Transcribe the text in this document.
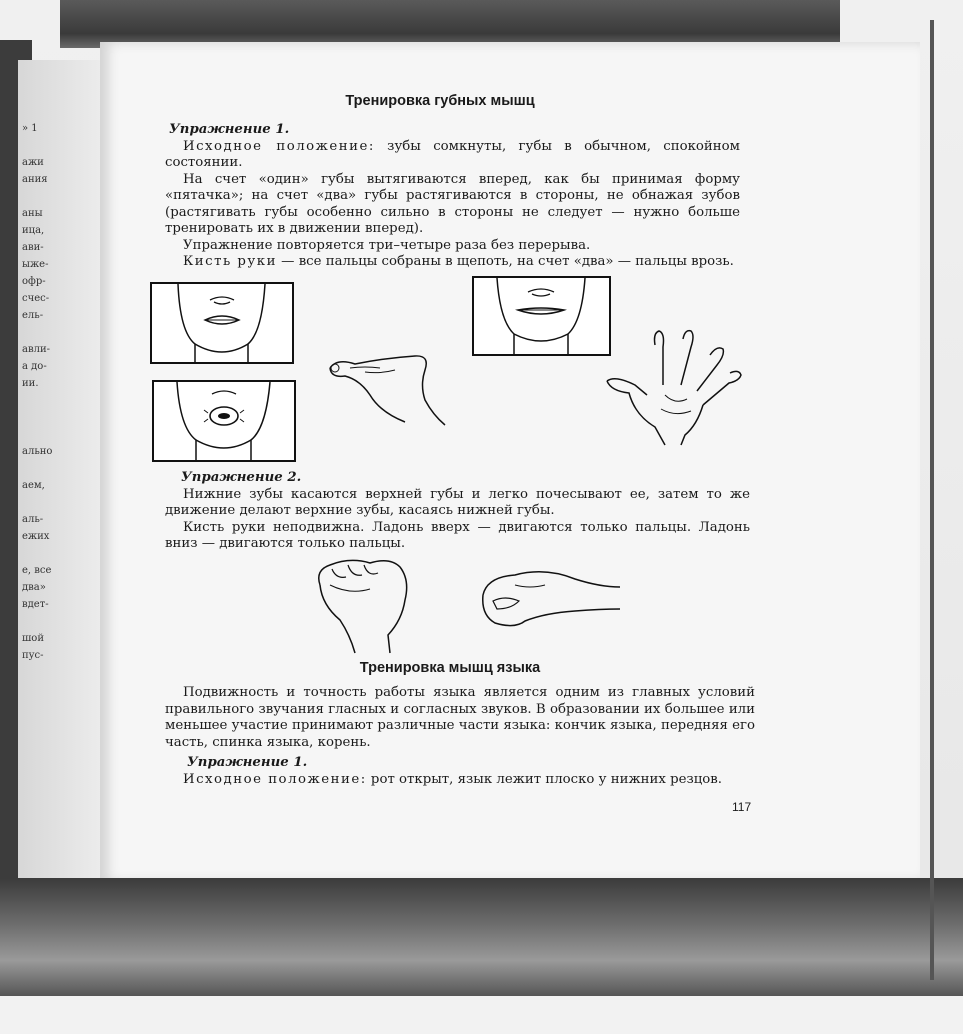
» 1
ажи
ания
аны
ица,
ави-
ыже-
офр-
счес-
ель-
авли-
а до-
ии.
ально
аем,
аль-
ежих
е, все
два»
вдет-
шой
пус-
Тренировка губных мышц
Упражнение 1.

Исходное положение: зубы сомкнуты, губы в обычном, спокойном состоянии.

На счет «один» губы вытягиваются вперед, как бы принимая форму «пятачка»; на счет «два» губы растягиваются в стороны, не обнажая зубов (растягивать губы особенно сильно в стороны не следует — нужно больше тренировать их в движении вперед).

Упражнение повторяется три–четыре раза без перерыва.

Кисть руки — все пальцы собраны в щепоть, на счет «два» — пальцы врозь.

Упражнение 2.

Нижние зубы касаются верхней губы и легко почесывают ее, затем то же движение делают верхние зубы, касаясь нижней губы.

Кисть руки неподвижна. Ладонь вверх — двигаются только пальцы. Ладонь вниз — двигаются только пальцы.

Тренировка мышц языка

Подвижность и точность работы языка является одним из главных условий правильного звучания гласных и согласных звуков. В образовании их большее или меньшее участие принимают различные части языка: кончик языка, передняя его часть, спинка языка, корень.

Упражнение 1.

Исходное положение: рот открыт, язык лежит плоско у нижних резцов.

117
